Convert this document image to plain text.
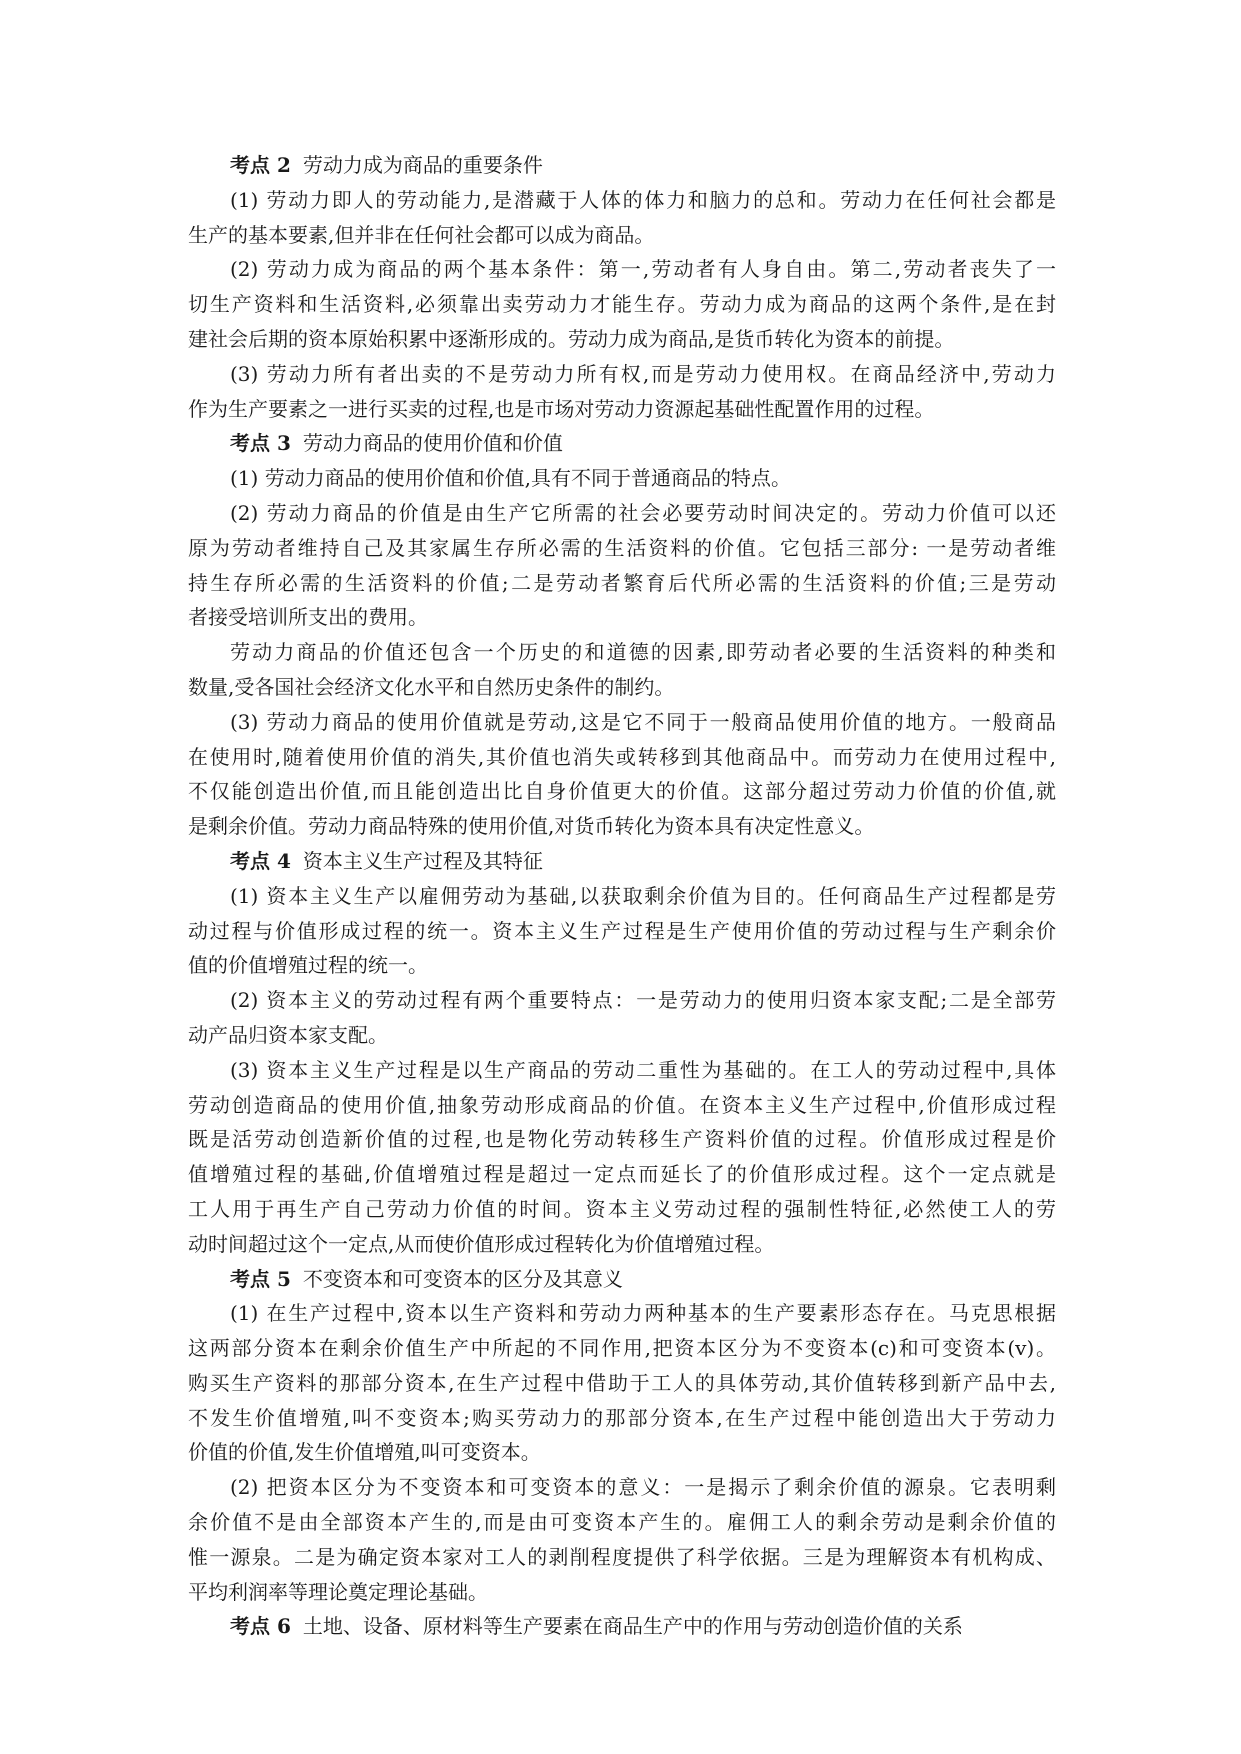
考点 2 劳动力成为商品的重要条件
(1) 劳动力即人的劳动能力,是潜藏于人体的体力和脑力的总和。劳动力在任何社会都是
生产的基本要素,但并非在任何社会都可以成为商品。
(2) 劳动力成为商品的两个基本条件：第一,劳动者有人身自由。第二,劳动者丧失了一
切生产资料和生活资料,必须靠出卖劳动力才能生存。劳动力成为商品的这两个条件,是在封
建社会后期的资本原始积累中逐渐形成的。劳动力成为商品,是货币转化为资本的前提。
(3) 劳动力所有者出卖的不是劳动力所有权,而是劳动力使用权。在商品经济中,劳动力
作为生产要素之一进行买卖的过程,也是市场对劳动力资源起基础性配置作用的过程。
考点 3 劳动力商品的使用价值和价值
(1) 劳动力商品的使用价值和价值,具有不同于普通商品的特点。
(2) 劳动力商品的价值是由生产它所需的社会必要劳动时间决定的。劳动力价值可以还
原为劳动者维持自己及其家属生存所必需的生活资料的价值。它包括三部分: 一是劳动者维
持生存所必需的生活资料的价值;二是劳动者繁育后代所必需的生活资料的价值;三是劳动
者接受培训所支出的费用。
劳动力商品的价值还包含一个历史的和道德的因素,即劳动者必要的生活资料的种类和
数量,受各国社会经济文化水平和自然历史条件的制约。
(3) 劳动力商品的使用价值就是劳动,这是它不同于一般商品使用价值的地方。一般商品
在使用时,随着使用价值的消失,其价值也消失或转移到其他商品中。而劳动力在使用过程中,
不仅能创造出价值,而且能创造出比自身价值更大的价值。这部分超过劳动力价值的价值,就
是剩余价值。劳动力商品特殊的使用价值,对货币转化为资本具有决定性意义。
考点 4 资本主义生产过程及其特征
(1) 资本主义生产以雇佣劳动为基础,以获取剩余价值为目的。任何商品生产过程都是劳
动过程与价值形成过程的统一。资本主义生产过程是生产使用价值的劳动过程与生产剩余价
值的价值增殖过程的统一。
(2) 资本主义的劳动过程有两个重要特点：一是劳动力的使用归资本家支配;二是全部劳
动产品归资本家支配。
(3) 资本主义生产过程是以生产商品的劳动二重性为基础的。在工人的劳动过程中,具体
劳动创造商品的使用价值,抽象劳动形成商品的价值。在资本主义生产过程中,价值形成过程
既是活劳动创造新价值的过程,也是物化劳动转移生产资料价值的过程。价值形成过程是价
值增殖过程的基础,价值增殖过程是超过一定点而延长了的价值形成过程。这个一定点就是
工人用于再生产自己劳动力价值的时间。资本主义劳动过程的强制性特征,必然使工人的劳
动时间超过这个一定点,从而使价值形成过程转化为价值增殖过程。
考点 5 不变资本和可变资本的区分及其意义
(1) 在生产过程中,资本以生产资料和劳动力两种基本的生产要素形态存在。马克思根据
这两部分资本在剩余价值生产中所起的不同作用,把资本区分为不变资本(c)和可变资本(v)。
购买生产资料的那部分资本,在生产过程中借助于工人的具体劳动,其价值转移到新产品中去,
不发生价值增殖,叫不变资本;购买劳动力的那部分资本,在生产过程中能创造出大于劳动力
价值的价值,发生价值增殖,叫可变资本。
(2) 把资本区分为不变资本和可变资本的意义：一是揭示了剩余价值的源泉。它表明剩
余价值不是由全部资本产生的,而是由可变资本产生的。雇佣工人的剩余劳动是剩余价值的
惟一源泉。二是为确定资本家对工人的剥削程度提供了科学依据。三是为理解资本有机构成、
平均利润率等理论奠定理论基础。
考点 6 土地、设备、原材料等生产要素在商品生产中的作用与劳动创造价值的关系
